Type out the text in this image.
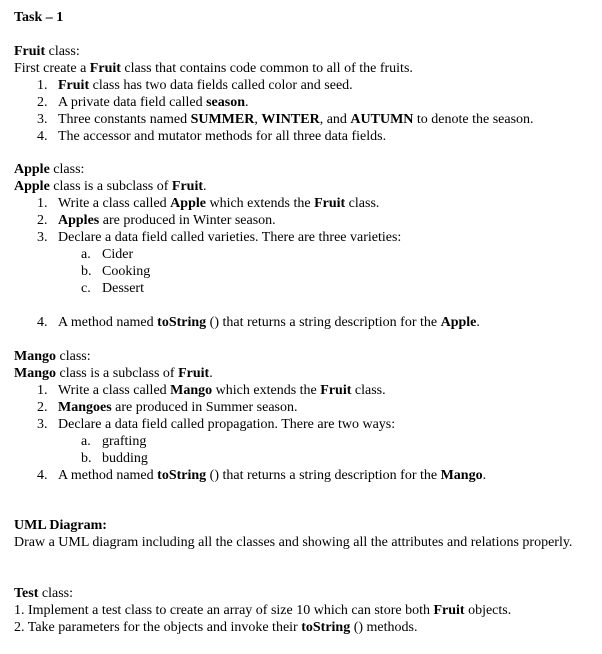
Task – 1
Fruit class:
First create a Fruit class that contains code common to all of the fruits.
1. Fruit class has two data fields called color and seed.
2. A private data field called season.
3. Three constants named SUMMER, WINTER, and AUTUMN to denote the season.
4. The accessor and mutator methods for all three data fields.
Apple class:
Apple class is a subclass of Fruit.
1. Write a class called Apple which extends the Fruit class.
2. Apples are produced in Winter season.
3. Declare a data field called varieties. There are three varieties:
a. Cider
b. Cooking
c. Dessert
4. A method named toString () that returns a string description for the Apple.
Mango class:
Mango class is a subclass of Fruit.
1. Write a class called Mango which extends the Fruit class.
2. Mangoes are produced in Summer season.
3. Declare a data field called propagation. There are two ways:
a. grafting
b. budding
4. A method named toString () that returns a string description for the Mango.
UML Diagram:
Draw a UML diagram including all the classes and showing all the attributes and relations properly.
Test class:
1. Implement a test class to create an array of size 10 which can store both Fruit objects.
2. Take parameters for the objects and invoke their toString () methods.
